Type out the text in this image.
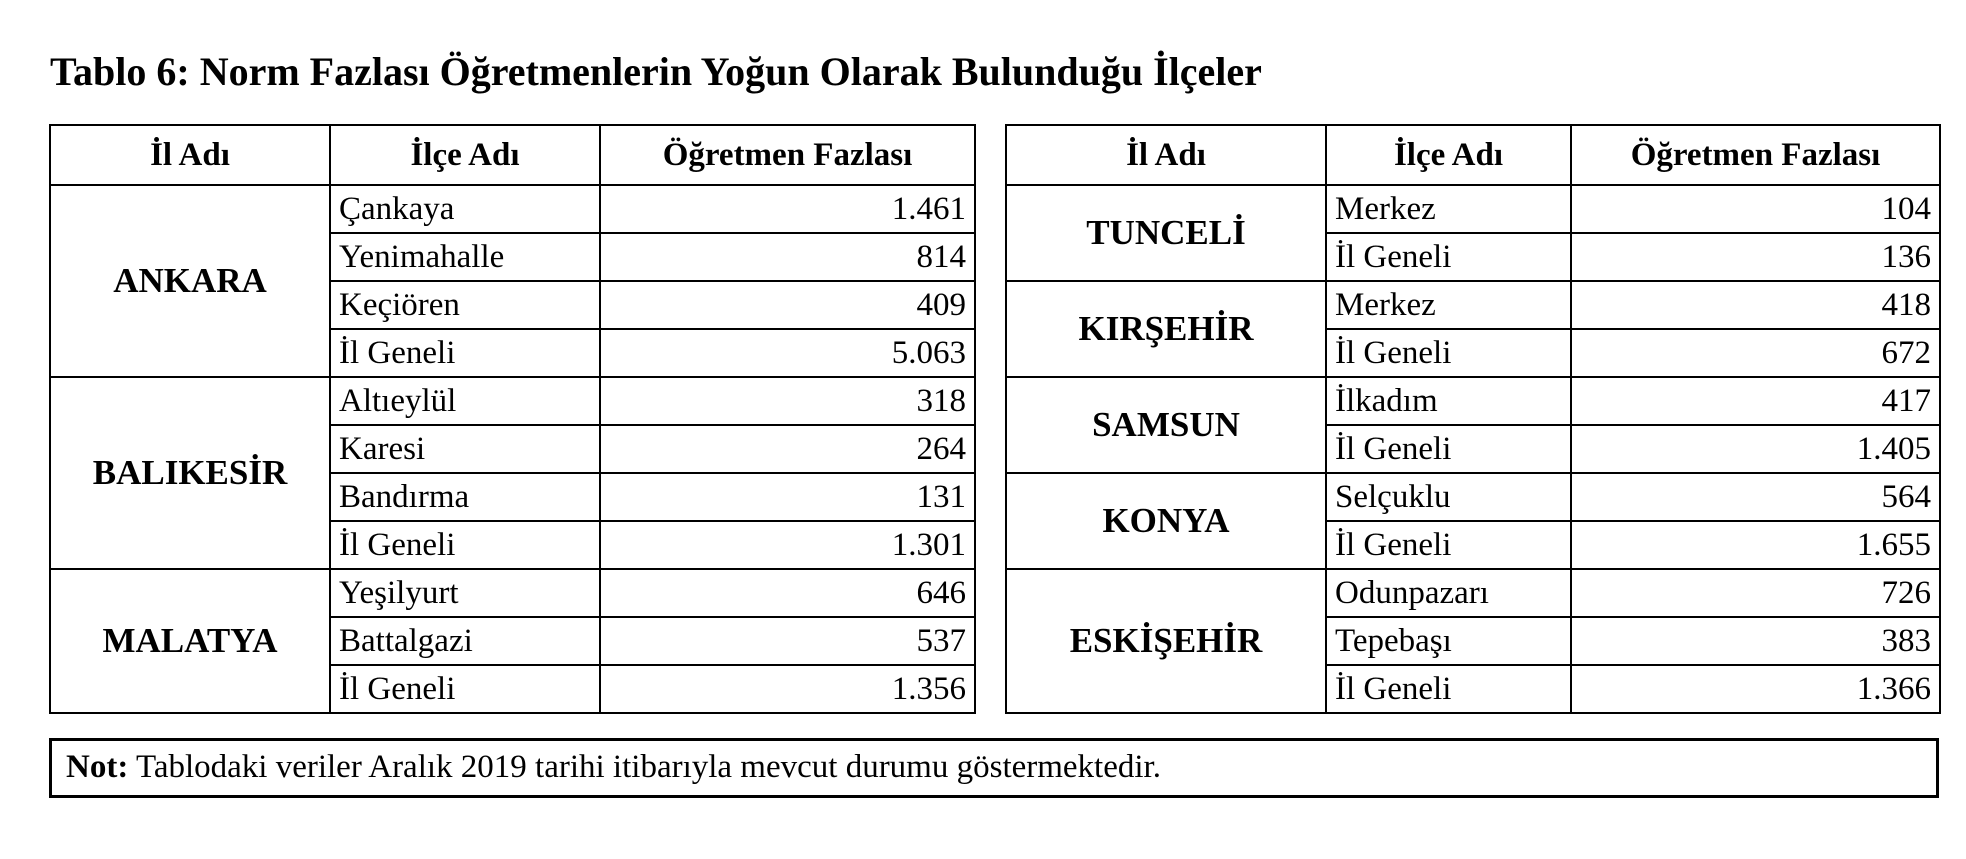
Tablo 6: Norm Fazlası Öğretmenlerin Yoğun Olarak Bulunduğu İlçeler
İl Adı	İlçe Adı	Öğretmen Fazlası
ANKARA	Çankaya	1.461
	Yenimahalle	814
	Keçiören	409
	İl Geneli	5.063
BALIKESİR	Altıeylül	318
	Karesi	264
	Bandırma	131
	İl Geneli	1.301
MALATYA	Yeşilyurt	646
	Battalgazi	537
	İl Geneli	1.356
İl Adı	İlçe Adı	Öğretmen Fazlası
TUNCELİ	Merkez	104
	İl Geneli	136
KIRŞEHİR	Merkez	418
	İl Geneli	672
SAMSUN	İlkadım	417
	İl Geneli	1.405
KONYA	Selçuklu	564
	İl Geneli	1.655
ESKİŞEHİR	Odunpazarı	726
	Tepebaşı	383
	İl Geneli	1.366
Not: Tablodaki veriler Aralık 2019 tarihi itibarıyla mevcut durumu göstermektedir.
